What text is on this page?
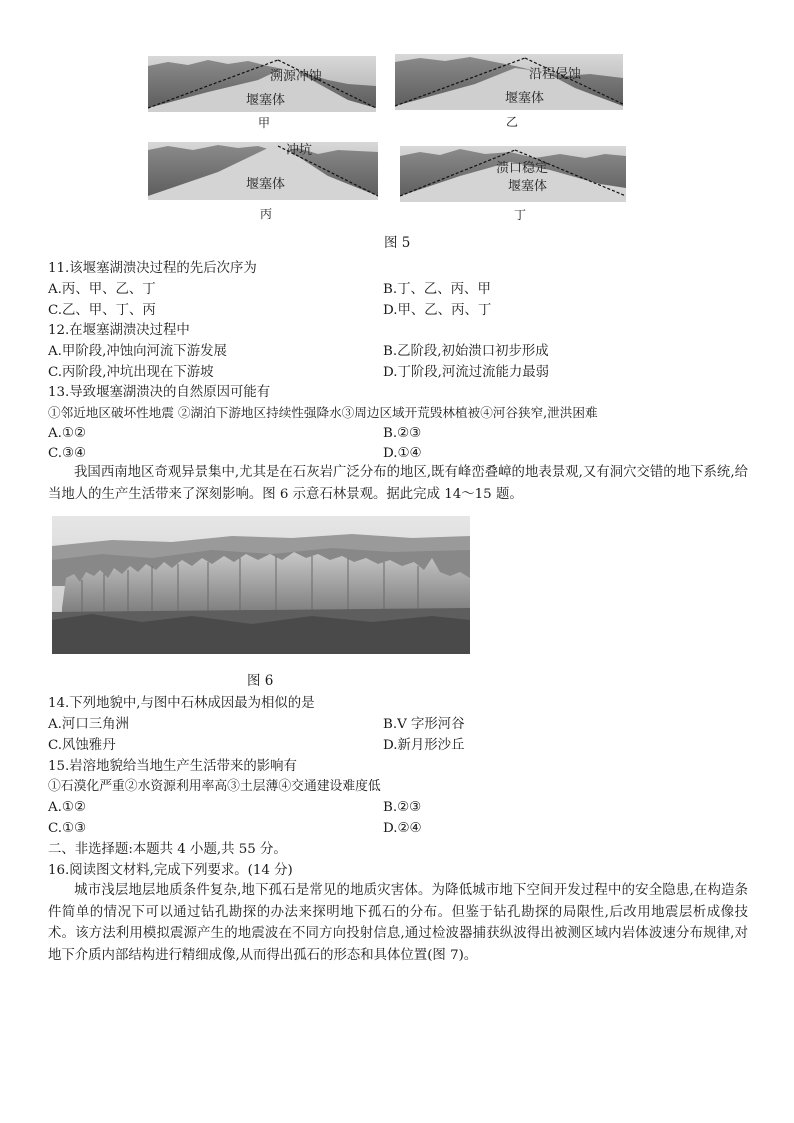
溯源冲蚀
堰塞体
甲
沿程侵蚀
堰塞体
乙
冲坑
堰塞体
丙
溃口稳定
堰塞体
丁
图 5
11.该堰塞湖溃决过程的先后次序为
A.丙、甲、乙、丁	B.丁、乙、丙、甲
C.乙、甲、丁、丙	D.甲、乙、丙、丁
12.在堰塞湖溃决过程中
A.甲阶段,冲蚀向河流下游发展	B.乙阶段,初始溃口初步形成
C.丙阶段,冲坑出现在下游坡	D.丁阶段,河流过流能力最弱
13.导致堰塞湖溃决的自然原因可能有
①邻近地区破坏性地震 ②湖泊下游地区持续性强降水③周边区域开荒毁林植被④河谷狭窄,泄洪困难
A.①②	B.②③
C.③④	D.①④
我国西南地区奇观异景集中,尤其是在石灰岩广泛分布的地区,既有峰峦叠嶂的地表景观,又有洞穴交错的地下系统,给当地人的生产生活带来了深刻影响。图 6 示意石林景观。据此完成 14～15 题。
图 6
14.下列地貌中,与图中石林成因最为相似的是
A.河口三角洲	B.V 字形河谷
C.风蚀雅丹	D.新月形沙丘
15.岩溶地貌给当地生产生活带来的影响有
①石漠化严重②水资源利用率高③土层薄④交通建设难度低
A.①②	B.②③
C.①③	D.②④
二、非选择题:本题共 4 小题,共 55 分。
16.阅读图文材料,完成下列要求。(14 分)
城市浅层地层地质条件复杂,地下孤石是常见的地质灾害体。为降低城市地下空间开发过程中的安全隐患,在构造条件简单的情况下可以通过钻孔勘探的办法来探明地下孤石的分布。但鉴于钻孔勘探的局限性,后改用地震层析成像技术。该方法利用模拟震源产生的地震波在不同方向投射信息,通过检波器捕获纵波得出被测区域内岩体波速分布规律,对地下介质内部结构进行精细成像,从而得出孤石的形态和具体位置(图 7)。
